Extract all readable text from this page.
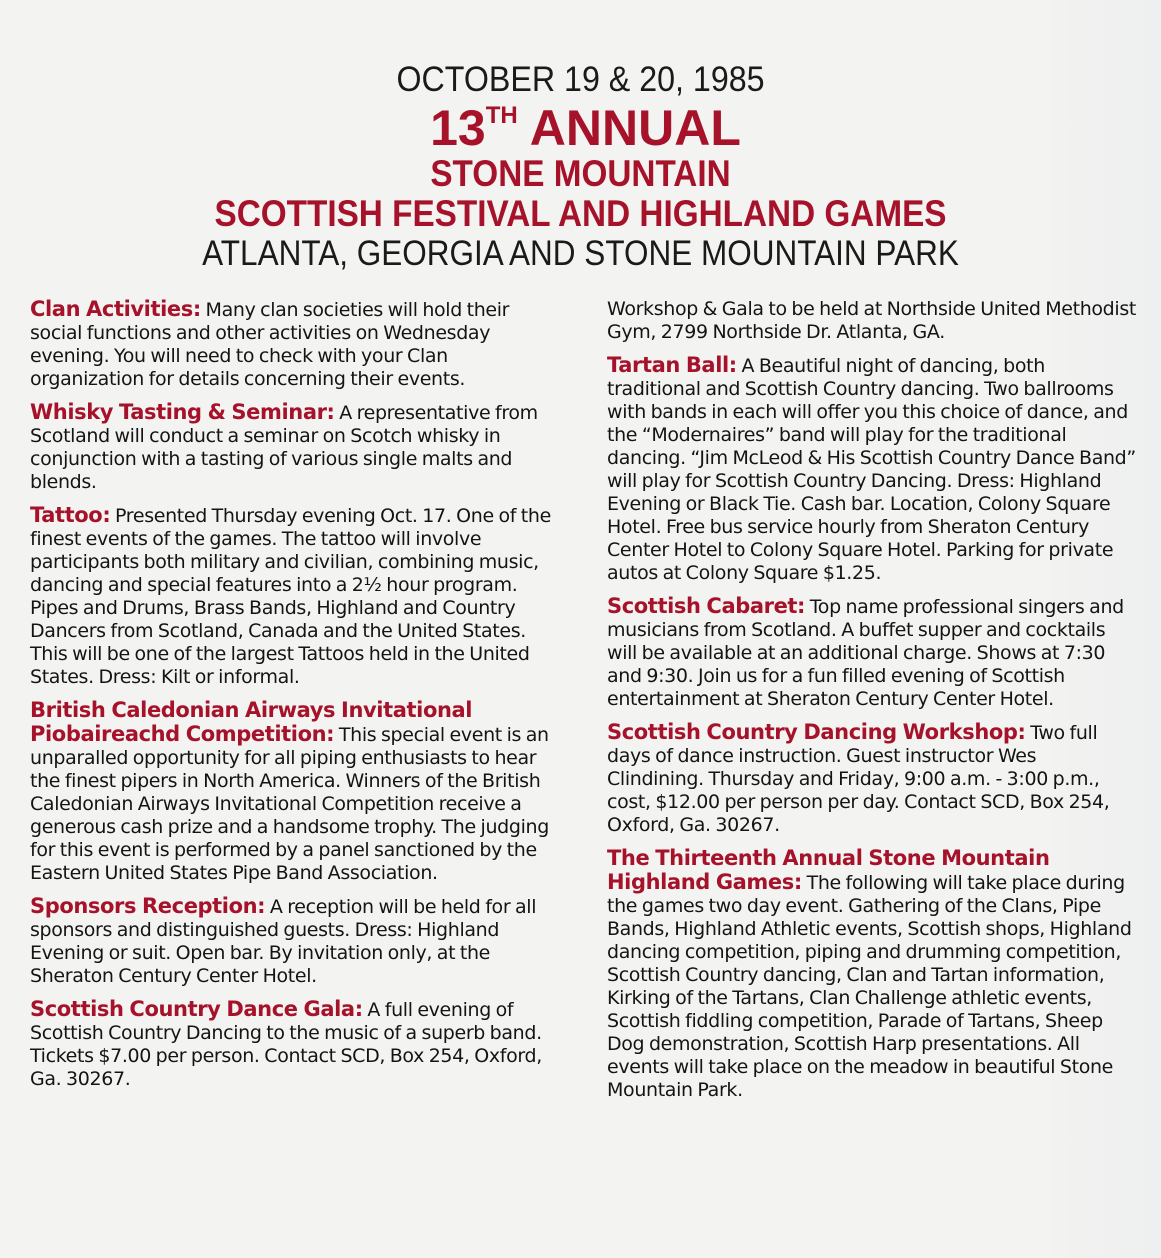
OCTOBER 19 & 20, 1985
13TH ANNUAL
STONE MOUNTAIN
SCOTTISH FESTIVAL AND HIGHLAND GAMES
ATLANTA, GEORGIA AND STONE MOUNTAIN PARK

Clan Activities: Many clan societies will hold their social functions and other activities on Wednesday evening. You will need to check with your Clan organization for details concerning their events.

Whisky Tasting & Seminar: A representative from Scotland will conduct a seminar on Scotch whisky in conjunction with a tasting of various single malts and blends.

Tattoo: Presented Thursday evening Oct. 17. One of the finest events of the games. The tattoo will involve participants both military and civilian, combining music, dancing and special features into a 2½ hour program. Pipes and Drums, Brass Bands, Highland and Country Dancers from Scotland, Canada and the United States. This will be one of the largest Tattoos held in the United States. Dress: Kilt or informal.

British Caledonian Airways Invitational Piobaireachd Competition: This special event is an unparalled opportunity for all piping enthusiasts to hear the finest pipers in North America. Winners of the British Caledonian Airways Invitational Competition receive a generous cash prize and a handsome trophy. The judging for this event is performed by a panel sanctioned by the Eastern United States Pipe Band Association.

Sponsors Reception: A reception will be held for all sponsors and distinguished guests. Dress: Highland Evening or suit. Open bar. By invitation only, at the Sheraton Century Center Hotel.

Scottish Country Dance Gala: A full evening of Scottish Country Dancing to the music of a superb band. Tickets $7.00 per person. Contact SCD, Box 254, Oxford, Ga. 30267.

Workshop & Gala to be held at Northside United Methodist Gym, 2799 Northside Dr. Atlanta, GA.

Tartan Ball: A Beautiful night of dancing, both traditional and Scottish Country dancing. Two ballrooms with bands in each will offer you this choice of dance, and the “Modernaires” band will play for the traditional dancing. “Jim McLeod & His Scottish Country Dance Band” will play for Scottish Country Dancing. Dress: Highland Evening or Black Tie. Cash bar. Location, Colony Square Hotel. Free bus service hourly from Sheraton Century Center Hotel to Colony Square Hotel. Parking for private autos at Colony Square $1.25.

Scottish Cabaret: Top name professional singers and musicians from Scotland. A buffet supper and cocktails will be available at an additional charge. Shows at 7:30 and 9:30. Join us for a fun filled evening of Scottish entertainment at Sheraton Century Center Hotel.

Scottish Country Dancing Workshop: Two full days of dance instruction. Guest instructor Wes Clindining. Thursday and Friday, 9:00 a.m. - 3:00 p.m., cost, $12.00 per person per day. Contact SCD, Box 254, Oxford, Ga. 30267.

The Thirteenth Annual Stone Mountain Highland Games: The following will take place during the games two day event. Gathering of the Clans, Pipe Bands, Highland Athletic events, Scottish shops, Highland dancing competition, piping and drumming competition, Scottish Country dancing, Clan and Tartan information, Kirking of the Tartans, Clan Challenge athletic events, Scottish fiddling competition, Parade of Tartans, Sheep Dog demonstration, Scottish Harp presentations. All events will take place on the meadow in beautiful Stone Mountain Park.
